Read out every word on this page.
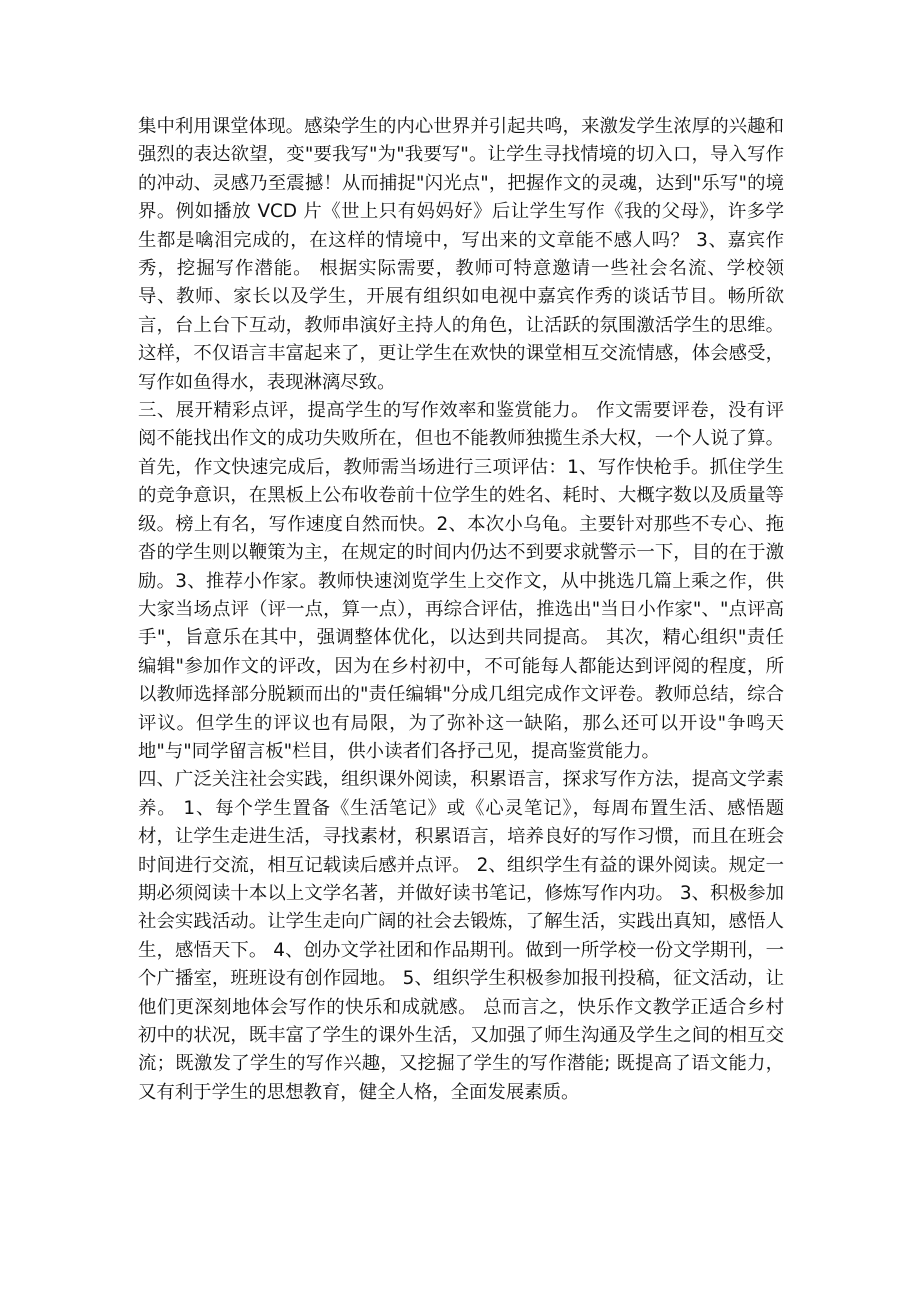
集中利用课堂体现。感染学生的内心世界并引起共鸣，来激发学生浓厚的兴趣和强烈的表达欲望，变"要我写"为"我要写"。让学生寻找情境的切入口，导入写作的冲动、灵感乃至震撼！从而捕捉"闪光点"，把握作文的灵魂，达到"乐写"的境界。例如播放 VCD 片《世上只有妈妈好》后让学生写作《我的父母》，许多学生都是噙泪完成的，在这样的情境中，写出来的文章能不感人吗？ 3、嘉宾作秀，挖掘写作潜能。 根据实际需要，教师可特意邀请一些社会名流、学校领导、教师、家长以及学生，开展有组织如电视中嘉宾作秀的谈话节目。畅所欲言，台上台下互动，教师串演好主持人的角色，让活跃的氛围激活学生的思维。这样，不仅语言丰富起来了，更让学生在欢快的课堂相互交流情感，体会感受，写作如鱼得水，表现淋漓尽致。

三、展开精彩点评，提高学生的写作效率和鉴赏能力。 作文需要评卷，没有评阅不能找出作文的成功失败所在，但也不能教师独揽生杀大权，一个人说了算。首先，作文快速完成后，教师需当场进行三项评估：1、写作快枪手。抓住学生的竞争意识，在黑板上公布收卷前十位学生的姓名、耗时、大概字数以及质量等级。榜上有名，写作速度自然而快。2、本次小乌龟。主要针对那些不专心、拖沓的学生则以鞭策为主，在规定的时间内仍达不到要求就警示一下，目的在于激励。3、推荐小作家。教师快速浏览学生上交作文，从中挑选几篇上乘之作，供大家当场点评（评一点，算一点），再综合评估，推选出"当日小作家"、"点评高手"，旨意乐在其中，强调整体优化，以达到共同提高。 其次，精心组织"责任编辑"参加作文的评改，因为在乡村初中，不可能每人都能达到评阅的程度，所以教师选择部分脱颖而出的"责任编辑"分成几组完成作文评卷。教师总结，综合评议。但学生的评议也有局限，为了弥补这一缺陷，那么还可以开设"争鸣天地"与"同学留言板"栏目，供小读者们各抒己见，提高鉴赏能力。

四、广泛关注社会实践，组织课外阅读，积累语言，探求写作方法，提高文学素养。 1、每个学生置备《生活笔记》或《心灵笔记》，每周布置生活、感悟题材，让学生走进生活，寻找素材，积累语言，培养良好的写作习惯，而且在班会时间进行交流，相互记载读后感并点评。 2、组织学生有益的课外阅读。规定一期必须阅读十本以上文学名著，并做好读书笔记，修炼写作内功。 3、积极参加社会实践活动。让学生走向广阔的社会去锻炼，了解生活，实践出真知，感悟人生，感悟天下。 4、创办文学社团和作品期刊。做到一所学校一份文学期刊，一个广播室，班班设有创作园地。 5、组织学生积极参加报刊投稿，征文活动，让他们更深刻地体会写作的快乐和成就感。 总而言之，快乐作文教学正适合乡村初中的状况，既丰富了学生的课外生活，又加强了师生沟通及学生之间的相互交流；既激发了学生的写作兴趣，又挖掘了学生的写作潜能; 既提高了语文能力，又有利于学生的思想教育，健全人格，全面发展素质。
